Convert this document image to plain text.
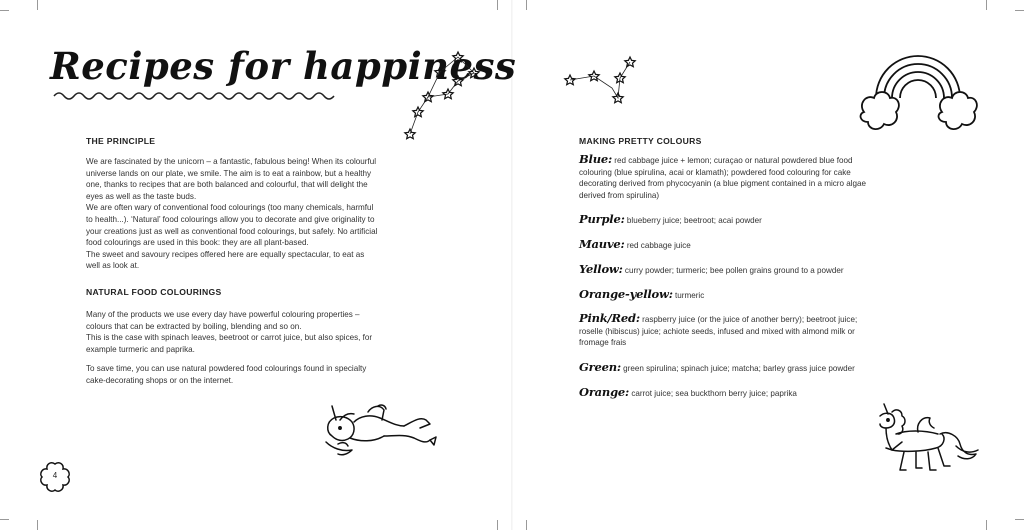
Recipes for happiness
THE PRINCIPLE

We are fascinated by the unicorn – a fantastic, fabulous being! When its colourful universe lands on our plate, we smile. The aim is to eat a rainbow, but a healthy one, thanks to recipes that are both balanced and colourful, that will delight the eyes as well as the taste buds.

We are often wary of conventional food colourings (too many chemicals, harmful to health...). ‘Natural’ food colourings allow you to decorate and give originality to your creations just as well as conventional food colourings, but safely. No artificial food colourings are used in this book: they are all plant-based.

The sweet and savoury recipes offered here are equally spectacular, to eat as well as look at.

NATURAL FOOD COLOURINGS

Many of the products we use every day have powerful colouring properties – colours that can be extracted by boiling, blending and so on.

This is the case with spinach leaves, beetroot or carrot juice, but also spices, for example turmeric and paprika.

To save time, you can use natural powdered food colourings found in specialty cake-decorating shops or on the internet.

4
MAKING PRETTY COLOURS
Blue: red cabbage juice + lemon; curaçao or natural powdered blue food colouring (blue spirulina, acai or klamath); powdered food colouring for cake decorating derived from phycocyanin (a blue pigment contained in a micro algae derived from spirulina)
Purple: blueberry juice; beetroot; acai powder
Mauve: red cabbage juice
Yellow: curry powder; turmeric; bee pollen grains ground to a powder
Orange-yellow: turmeric
Pink/Red: raspberry juice (or the juice of another berry); beetroot juice; roselle (hibiscus) juice; achiote seeds, infused and mixed with almond milk or fromage frais
Green: green spirulina; spinach juice; matcha; barley grass juice powder
Orange: carrot juice; sea buckthorn berry juice; paprika
